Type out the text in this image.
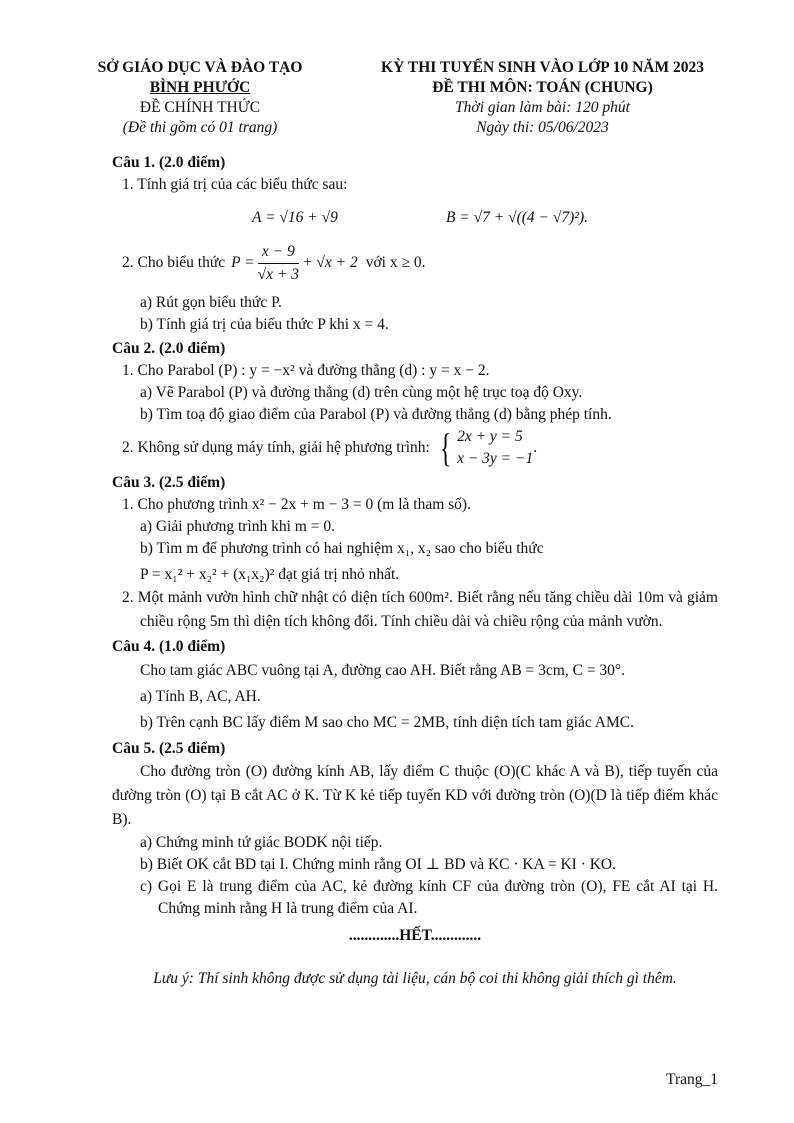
SỞ GIÁO DỤC VÀ ĐÀO TẠO
BÌNH PHƯỚC
ĐỀ CHÍNH THỨC
(Đề thi gồm có 01 trang)
KỲ THI TUYỂN SINH VÀO LỚP 10 NĂM 2023
ĐỀ THI MÔN: TOÁN (CHUNG)
Thời gian làm bài: 120 phút
Ngày thi: 05/06/2023
Câu 1. (2.0 điểm)
1. Tính giá trị của các biểu thức sau:
A = √16 + √9	B = √7 + √((4 − √7)²).
2. Cho biểu thức $P = \frac{x - 9}{√x + 3} + √x + 2$ với x ≥ 0.
a) Rút gọn biểu thức P.
b) Tính giá trị của biểu thức P khi x = 4.
Câu 2. (2.0 điểm)
1. Cho Parabol (P) : y = −x² và đường thẳng (d) : y = x − 2.
a) Vẽ Parabol (P) và đường thẳng (d) trên cùng một hệ trục toạ độ Oxy.
b) Tìm toạ độ giao điểm của Parabol (P) và đường thẳng (d) bằng phép tính.
2. Không sử dụng máy tính, giải hệ phương trình: { 2x + y = 5
x − 3y = −1
.
Câu 3. (2.5 điểm)
1. Cho phương trình x² − 2x + m − 3 = 0 (m là tham số).
a) Giải phương trình khi m = 0.
b) Tìm m để phương trình có hai nghiệm x₁, x₂ sao cho biểu thức
P = x₁² + x₂² + (x₁x₂)² đạt giá trị nhỏ nhất.
2. Một mảnh vườn hình chữ nhật có diện tích 600m². Biết rằng nếu tăng chiều dài 10m và giảm chiều rộng 5m thì diện tích không đổi. Tính chiều dài và chiều rộng của mảnh vườn.
Câu 4. (1.0 điểm)
Cho tam giác ABC vuông tại A, đường cao AH. Biết rằng AB = 3cm, C = 30°.
a) Tính B, AC, AH.
b) Trên cạnh BC lấy điểm M sao cho MC = 2MB, tính diện tích tam giác AMC.
Câu 5. (2.5 điểm)
Cho đường tròn (O) đường kính AB, lấy điểm C thuộc (O)(C khác A và B), tiếp tuyến của đường tròn (O) tại B cắt AC ở K. Từ K kẻ tiếp tuyến KD với đường tròn (O)(D là tiếp điểm khác B).
a) Chứng minh tứ giác BODK nội tiếp.
b) Biết OK cắt BD tại I. Chứng minh rằng OI ⊥ BD và KC · KA = KI · KO.
c) Gọi E là trung điểm của AC, kẻ đường kính CF của đường tròn (O), FE cắt AI tại H. Chứng minh rằng H là trung điểm của AI.
.............HẾT.............
Lưu ý: Thí sinh không được sử dụng tài liệu, cán bộ coi thi không giải thích gì thêm.
Trang_1
